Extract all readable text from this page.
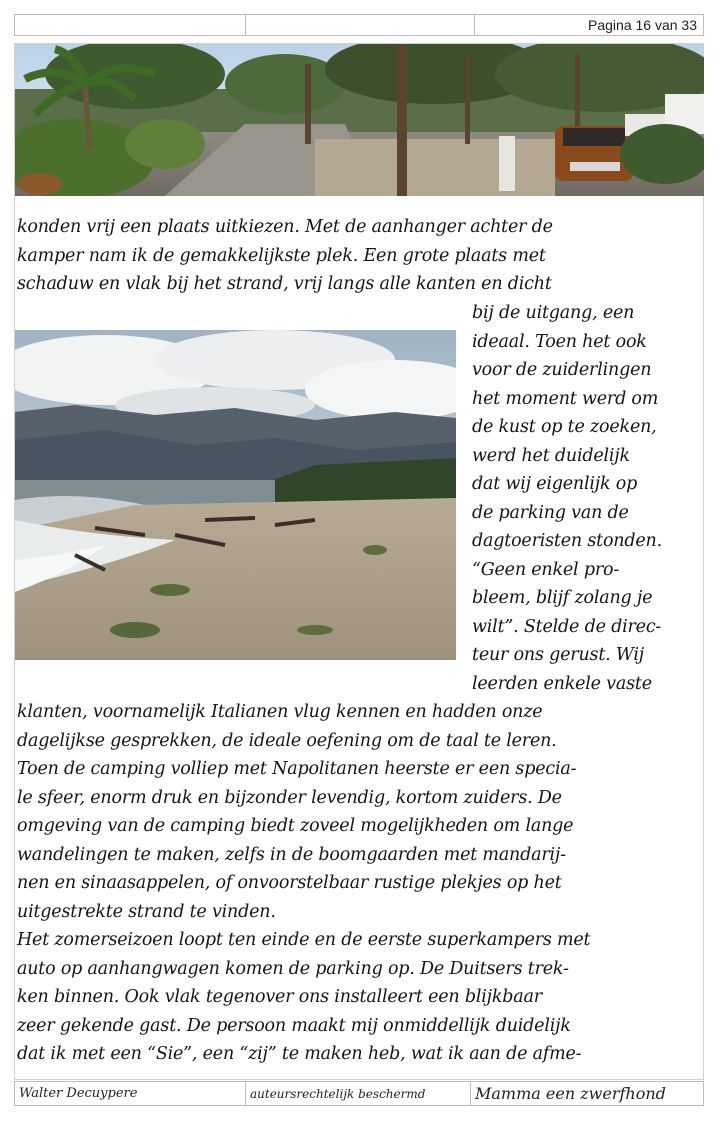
Pagina 16 van 33
konden vrij een plaats uitkiezen. Met de aanhanger achter de
kamper nam ik de gemakkelijkste plek. Een grote plaats met
schaduw en vlak bij het strand, vrij langs alle kanten en dicht
bij de uitgang, een
ideaal. Toen het ook
voor de zuiderlingen
het moment werd om
de kust op te zoeken,
werd het duidelijk
dat wij eigenlijk op
de parking van de
dagtoeristen stonden.
“Geen enkel pro-
bleem, blijf zolang je
wilt”. Stelde de direc-
teur ons gerust. Wij
leerden enkele vaste
klanten, voornamelijk Italianen vlug kennen en hadden onze
dagelijkse gesprekken, de ideale oefening om de taal te leren.
Toen de camping volliep met Napolitanen heerste er een specia-
le sfeer, enorm druk en bijzonder levendig, kortom zuiders. De
omgeving van de camping biedt zoveel mogelijkheden om lange
wandelingen te maken, zelfs in de boomgaarden met mandarij-
nen en sinaasappelen, of onvoorstelbaar rustige plekjes op het
uitgestrekte strand te vinden.
Het zomerseizoen loopt ten einde en de eerste superkampers met
auto op aanhangwagen komen de parking op. De Duitsers trek-
ken binnen. Ook vlak tegenover ons installeert een blijkbaar
zeer gekende gast. De persoon maakt mij onmiddellijk duidelijk
dat ik met een “Sie”, een “zij” te maken heb, wat ik aan de afme-
Walter Decuypere	auteursrechtelijk beschermd	Mamma een zwerfhond
